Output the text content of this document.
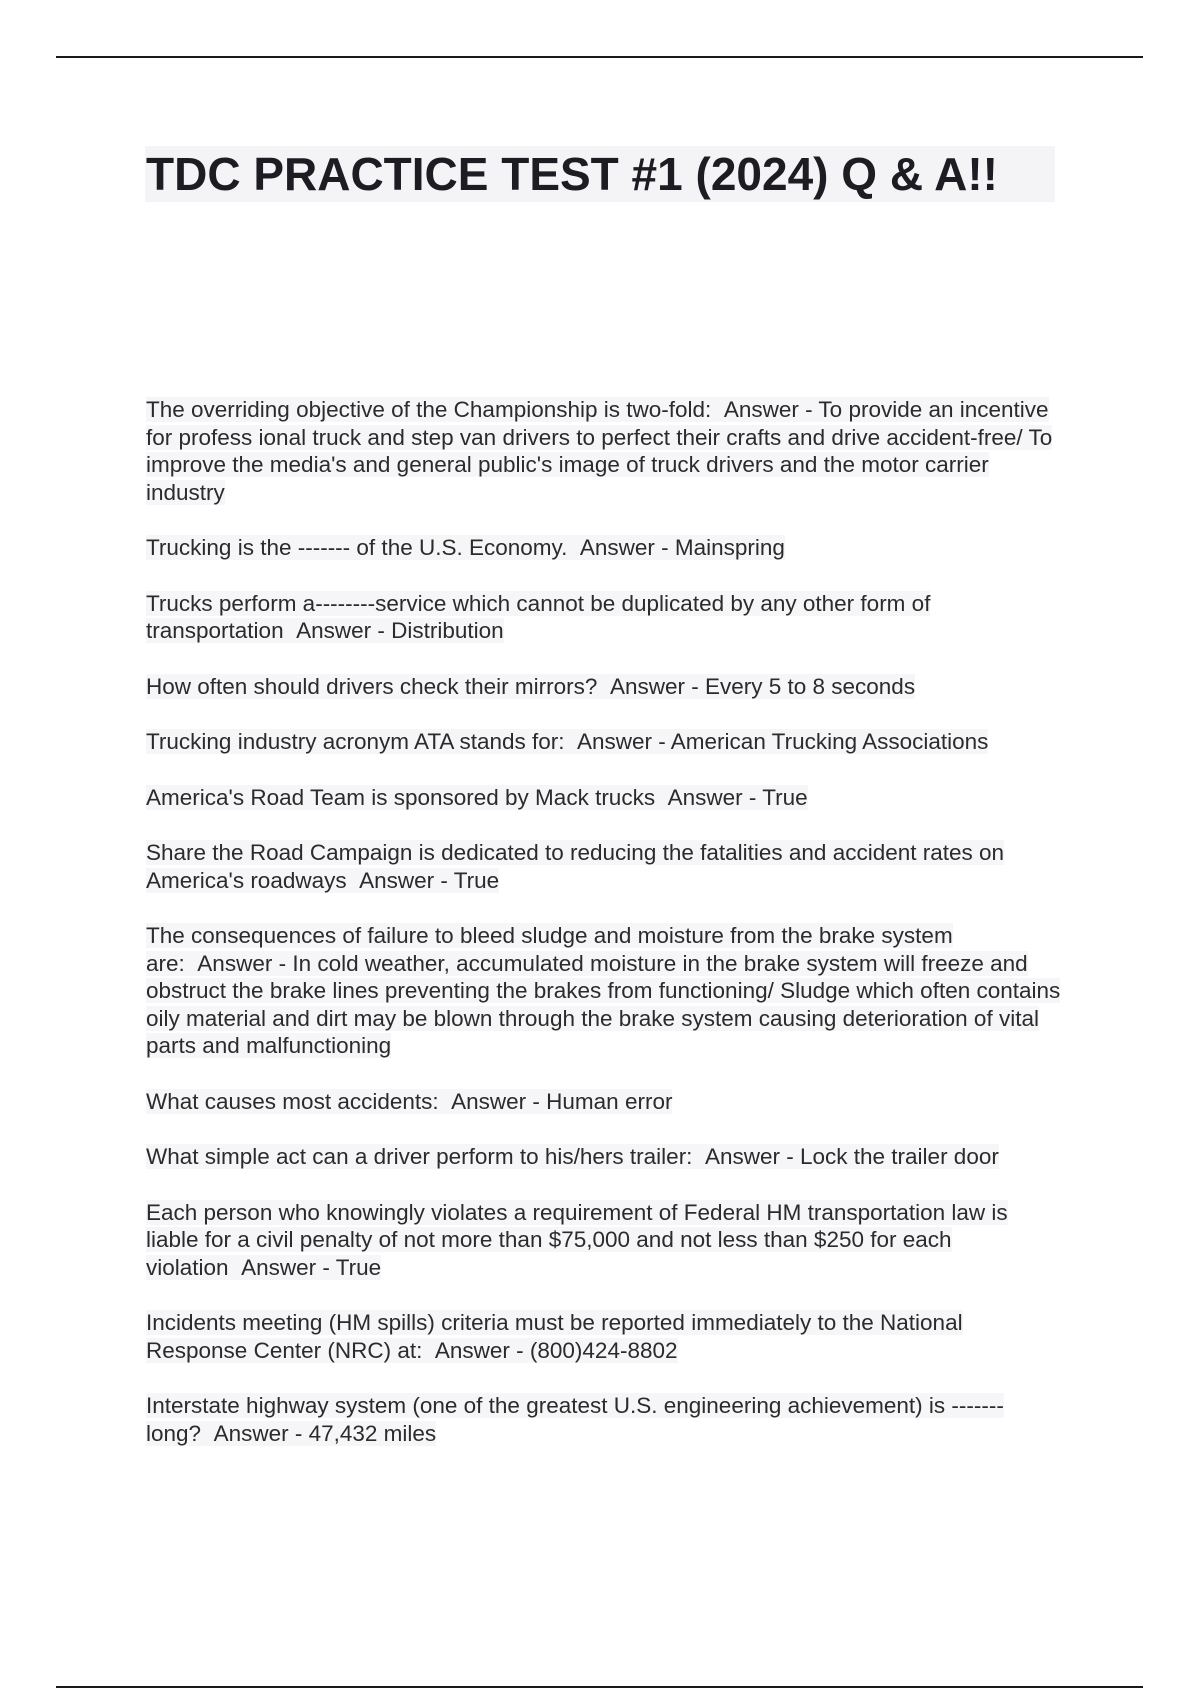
TDC PRACTICE TEST #1 (2024) Q & A!!
The overriding objective of the Championship is two-fold: Answer - To provide an incentive for profess ional truck and step van drivers to perfect their crafts and drive accident-free/ To improve the media's and general public's image of truck drivers and the motor carrier industry
Trucking is the ------- of the U.S. Economy. Answer - Mainspring
Trucks perform a--------service which cannot be duplicated by any other form of transportation Answer - Distribution
How often should drivers check their mirrors? Answer - Every 5 to 8 seconds
Trucking industry acronym ATA stands for: Answer - American Trucking Associations
America's Road Team is sponsored by Mack trucks Answer - True
Share the Road Campaign is dedicated to reducing the fatalities and accident rates on America's roadways Answer - True
The consequences of failure to bleed sludge and moisture from the brake system are: Answer - In cold weather, accumulated moisture in the brake system will freeze and obstruct the brake lines preventing the brakes from functioning/ Sludge which often contains oily material and dirt may be blown through the brake system causing deterioration of vital parts and malfunctioning
What causes most accidents: Answer - Human error
What simple act can a driver perform to his/hers trailer: Answer - Lock the trailer door
Each person who knowingly violates a requirement of Federal HM transportation law is liable for a civil penalty of not more than $75,000 and not less than $250 for each violation Answer - True
Incidents meeting (HM spills) criteria must be reported immediately to the National Response Center (NRC) at: Answer - (800)424-8802
Interstate highway system (one of the greatest U.S. engineering achievement) is ------- long? Answer - 47,432 miles
